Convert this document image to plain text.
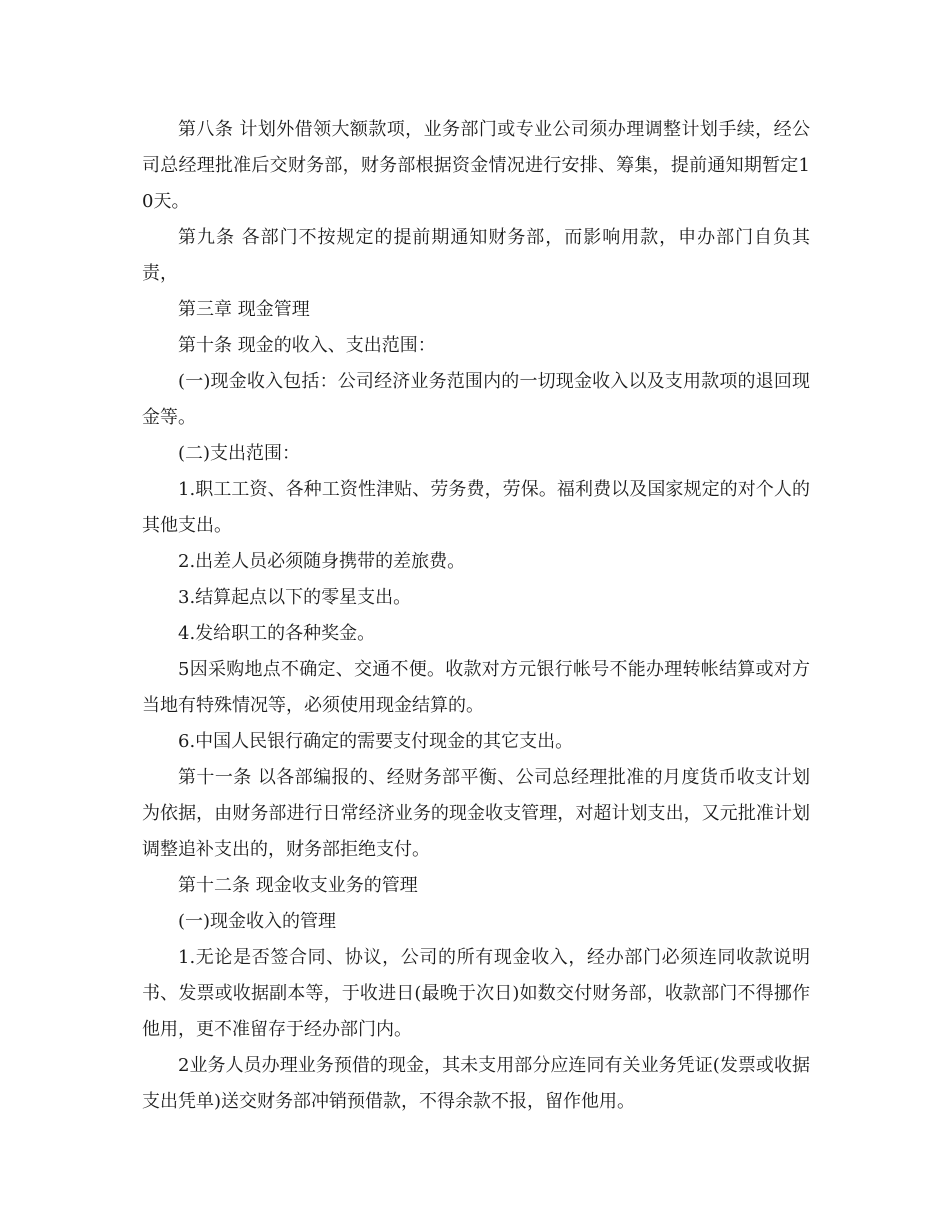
第八条 计划外借领大额款项，业务部门或专业公司须办理调整计划手续，经公司总经理批准后交财务部，财务部根据资金情况进行安排、筹集，提前通知期暂定10天。

第九条 各部门不按规定的提前期通知财务部，而影响用款，申办部门自负其责，

第三章 现金管理

第十条 现金的收入、支出范围：

(一)现金收入包括：公司经济业务范围内的一切现金收入以及支用款项的退回现金等。

(二)支出范围：

1.职工工资、各种工资性津贴、劳务费，劳保。福利费以及国家规定的对个人的其他支出。

2.出差人员必须随身携带的差旅费。

3.结算起点以下的零星支出。

4.发给职工的各种奖金。

5因采购地点不确定、交通不便。收款对方元银行帐号不能办理转帐结算或对方当地有特殊情况等，必须使用现金结算的。

6.中国人民银行确定的需要支付现金的其它支出。

第十一条 以各部编报的、经财务部平衡、公司总经理批准的月度货币收支计划为依据，由财务部进行日常经济业务的现金收支管理，对超计划支出，又元批准计划调整追补支出的，财务部拒绝支付。

第十二条 现金收支业务的管理

(一)现金收入的管理

1.无论是否签合同、协议，公司的所有现金收入，经办部门必须连同收款说明书、发票或收据副本等，于收进日(最晚于次日)如数交付财务部，收款部门不得挪作他用，更不准留存于经办部门内。

2业务人员办理业务预借的现金，其未支用部分应连同有关业务凭证(发票或收据支出凭单)送交财务部冲销预借款，不得余款不报，留作他用。
